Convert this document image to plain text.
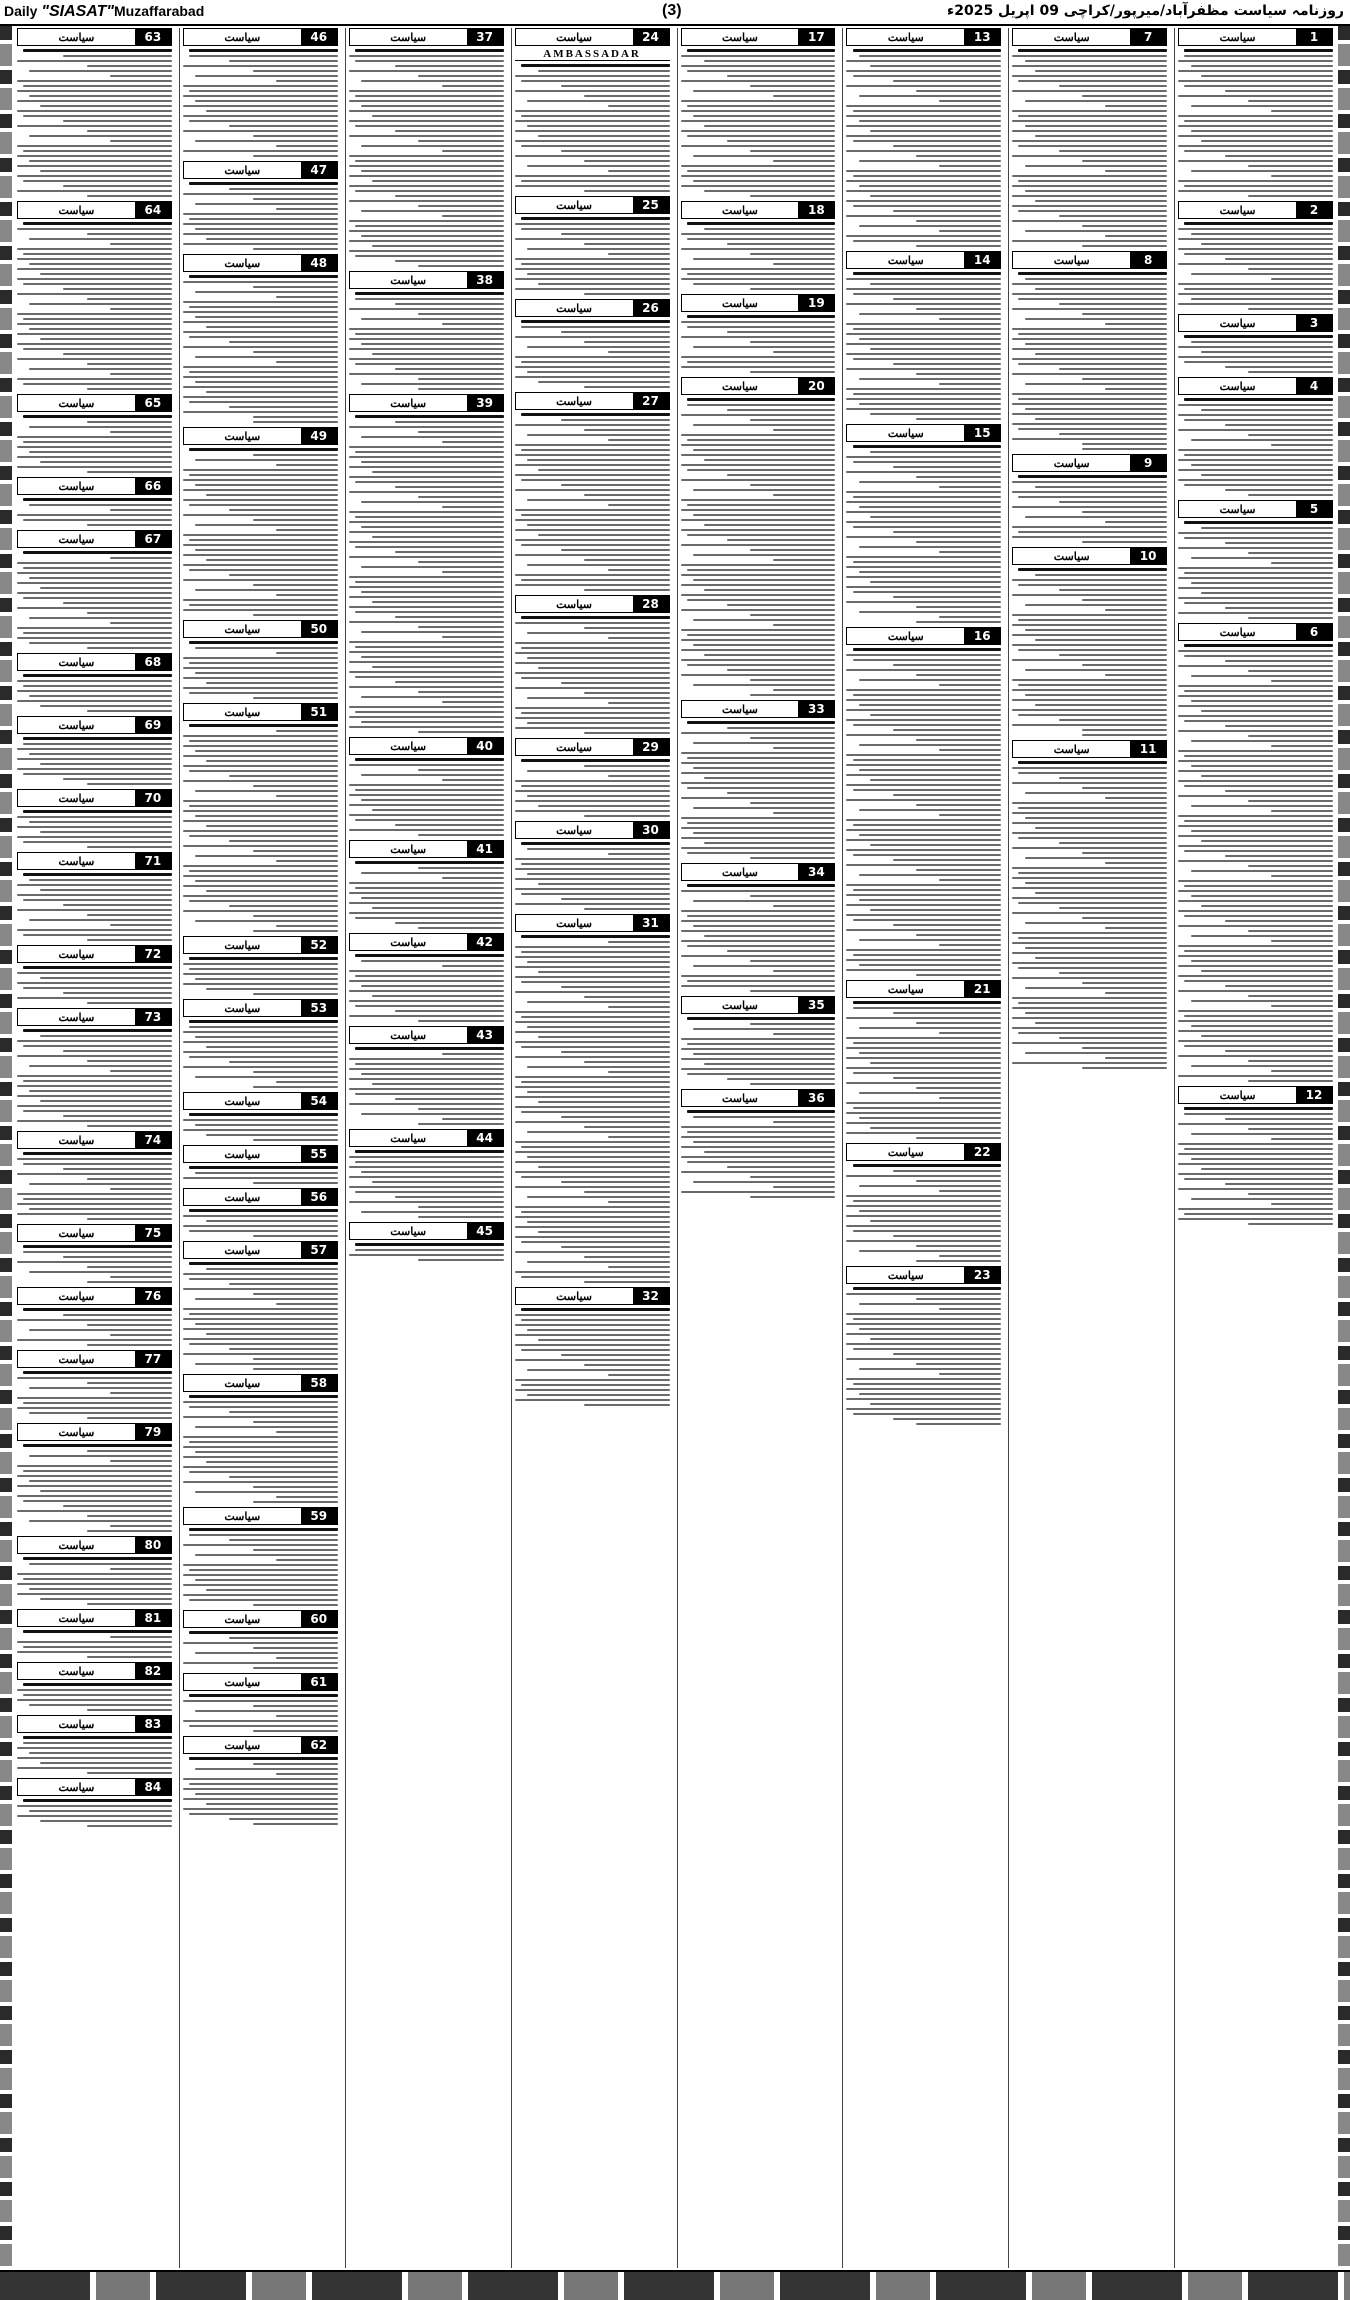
Daily "SIASAT"Muzaffarabad	(3)	روزنامہ سیاست مظفرآباد/میرپور/کراچی 09 اپریل 2025ء
1
سیاست
2
سیاست
3
سیاست
4
سیاست
5
سیاست
6
سیاست
12
سیاست
7
سیاست
8
سیاست
9
سیاست
10
سیاست
11
سیاست
13
سیاست
14
سیاست
15
سیاست
16
سیاست
21
سیاست
22
سیاست
23
سیاست
17
سیاست
18
سیاست
19
سیاست
20
سیاست
33
سیاست
34
سیاست
35
سیاست
36
سیاست
24
سیاست
AMBASSADAR
25
سیاست
26
سیاست
27
سیاست
28
سیاست
29
سیاست
30
سیاست
31
سیاست
32
سیاست
37
سیاست
38
سیاست
39
سیاست
40
سیاست
41
سیاست
42
سیاست
43
سیاست
44
سیاست
45
سیاست
46
سیاست
47
سیاست
48
سیاست
49
سیاست
50
سیاست
51
سیاست
52
سیاست
53
سیاست
54
سیاست
55
سیاست
56
سیاست
57
سیاست
58
سیاست
59
سیاست
60
سیاست
61
سیاست
62
سیاست
63
سیاست
64
سیاست
65
سیاست
66
سیاست
67
سیاست
68
سیاست
69
سیاست
70
سیاست
71
سیاست
72
سیاست
73
سیاست
74
سیاست
75
سیاست
76
سیاست
77
سیاست
79
سیاست
80
سیاست
81
سیاست
82
سیاست
83
سیاست
84
سیاست
